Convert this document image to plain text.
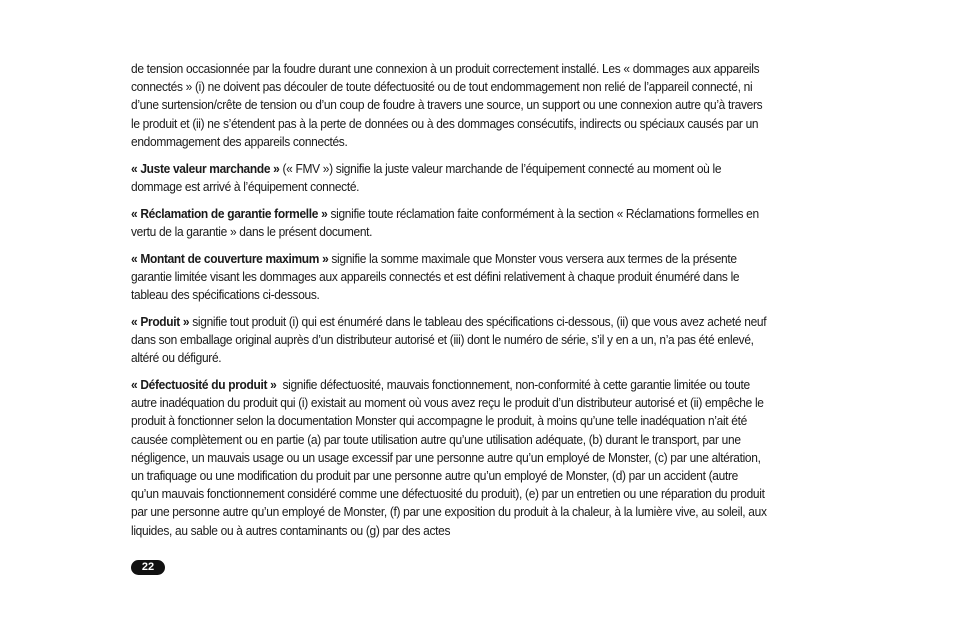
de tension occasionnée par la foudre durant une connexion à un produit correctement installé. Les « dommages aux appareils connectés » (i) ne doivent pas découler de toute défectuosité ou de tout endommagement non relié de l’appareil connecté, ni d’une surtension/crête de tension ou d’un coup de foudre à travers une source, un support ou une connexion autre qu’à travers le produit et (ii) ne s’étendent pas à la perte de données ou à des dommages consécutifs, indirects ou spéciaux causés par un endommagement des appareils connectés.

« Juste valeur marchande » (« FMV ») signifie la juste valeur marchande de l’équipement connecté au moment où le dommage est arrivé à l’équipement connecté.

« Réclamation de garantie formelle » signifie toute réclamation faite conformément à la section « Réclamations formelles en vertu de la garantie » dans le présent document.

« Montant de couverture maximum » signifie la somme maximale que Monster vous versera aux termes de la présente garantie limitée visant les dommages aux appareils connectés et est défini relativement à chaque produit énuméré dans le tableau des spécifications ci-dessous.

« Produit » signifie tout produit (i) qui est énuméré dans le tableau des spécifications ci-dessous, (ii) que vous avez acheté neuf dans son emballage original auprès d’un distributeur autorisé et (iii) dont le numéro de série, s’il y en a un, n’a pas été enlevé, altéré ou défiguré.

« Défectuosité du produit »  signifie défectuosité, mauvais fonctionnement, non-conformité à cette garantie limitée ou toute autre inadéquation du produit qui (i) existait au moment où vous avez reçu le produit d’un distributeur autorisé et (ii) empêche le produit à fonctionner selon la documentation Monster qui accompagne le produit, à moins qu’une telle inadéquation n’ait été causée complètement ou en partie (a) par toute utilisation autre qu’une utilisation adéquate, (b) durant le transport, par une négligence, un mauvais usage ou un usage excessif par une personne autre qu’un employé de Monster, (c) par une altération, un trafiquage ou une modification du produit par une personne autre qu’un employé de Monster, (d) par un accident (autre qu’un mauvais fonctionnement considéré comme une défectuosité du produit), (e) par un entretien ou une réparation du produit par une personne autre qu’un employé de Monster, (f) par une exposition du produit à la chaleur, à la lumière vive, au soleil, aux liquides, au sable ou à autres contaminants ou (g) par des actes

22
